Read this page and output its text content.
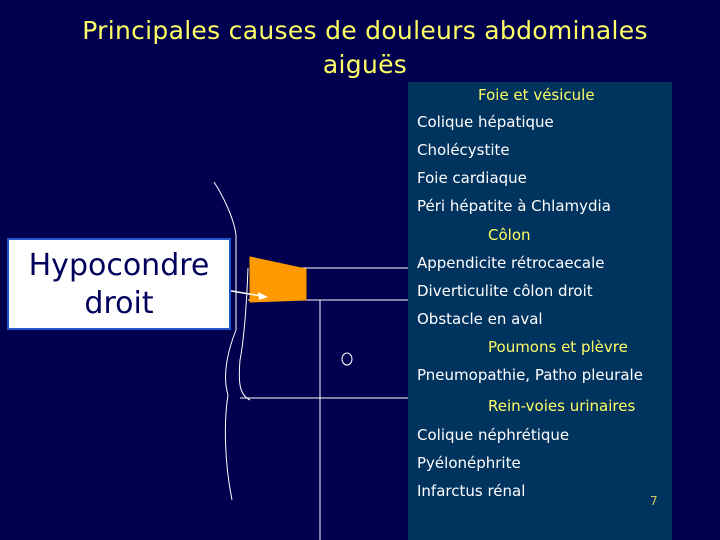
Principales causes de douleurs abdominales aiguës
Hypocondre droit
Foie et vésicule
Colique hépatique
Cholécystite
Foie cardiaque
Péri hépatite à Chlamydia
Côlon
Appendicite rétrocaecale
Diverticulite côlon droit
Obstacle en aval
Poumons et plèvre
Pneumopathie, Patho pleurale
Rein-voies urinaires
Colique néphrétique
Pyélonéphrite
Infarctus rénal
7
